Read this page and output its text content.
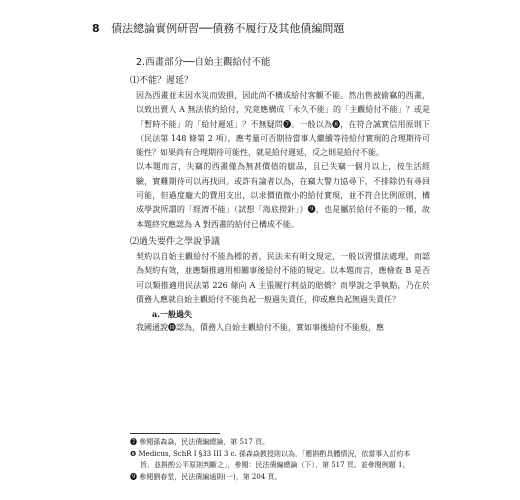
8 債法總論實例研習──債務不履行及其他債編問題
2.西畫部分──自始主觀給付不能
⑴不能？遲延？

因為西畫並未因水災而毀損，因此尚不構成給付客觀不能。然出售被偷竊的西畫，以致出賣人 A 無法依約給付，究竟應構成「永久不能」的「主觀給付不能」？或是「暫時不能」的「給付遲延」？不無疑問❼。一般以為❽，在符合誠實信用原則下（民法第 148 條第 2 項），應考量可否期待當事人繼續等待給付實現的合理期待可能性？如果尚有合理期待可能性，就是給付遲延，反之則是給付不能。

以本題而言，失竊的西畫僅為無甚價值的臆品，且已失竊一個月以上，按生活經驗，實難期待可以再找回。或許有論者以為，在竊大警力協尋下，不排除仍有尋回可能，但過度龐大的費用支出，以求價值微小的給付實現，並不符合比例原則，構成學說所謂的「經濟不能」（試想「海底撈針」）❾，也是屬於給付不能的一種，故本題終究應認為 A 對西畫的給付已構成不能。

⑵過失要件之學說爭議

契約以自始主觀給付不能為標的者，民法未有明文規定，一般以習慣法處理，而認為契約有效，並應類推適用相關事後給付不能的規定。以本題而言，應檢查 B 是否可以類推適用民法第 226 條向 A 主張履行利益的賠償？而學說之爭執點，乃在於債務人應就自始主觀給付不能負起一般過失責任，抑或應負起無過失責任？

a.一般過失

我國通說❿認為，債務人自始主觀給付不能，實如事後給付不能般，應

❼ 參閱孫森焱，民法債編總論，第 517 頁。
❽ Medicus, SchR I §33 III 3 c. 孫森焱教授則以為，「應斟酌具體情況，依當事人訂約本
旨、並斟酌公平原則判斷之」，參閱：民法債編總論（下），第 517 頁。並參閱例題 1。
❾ 參閱劉春堂，民法債編通則(一)，第 204 頁。
